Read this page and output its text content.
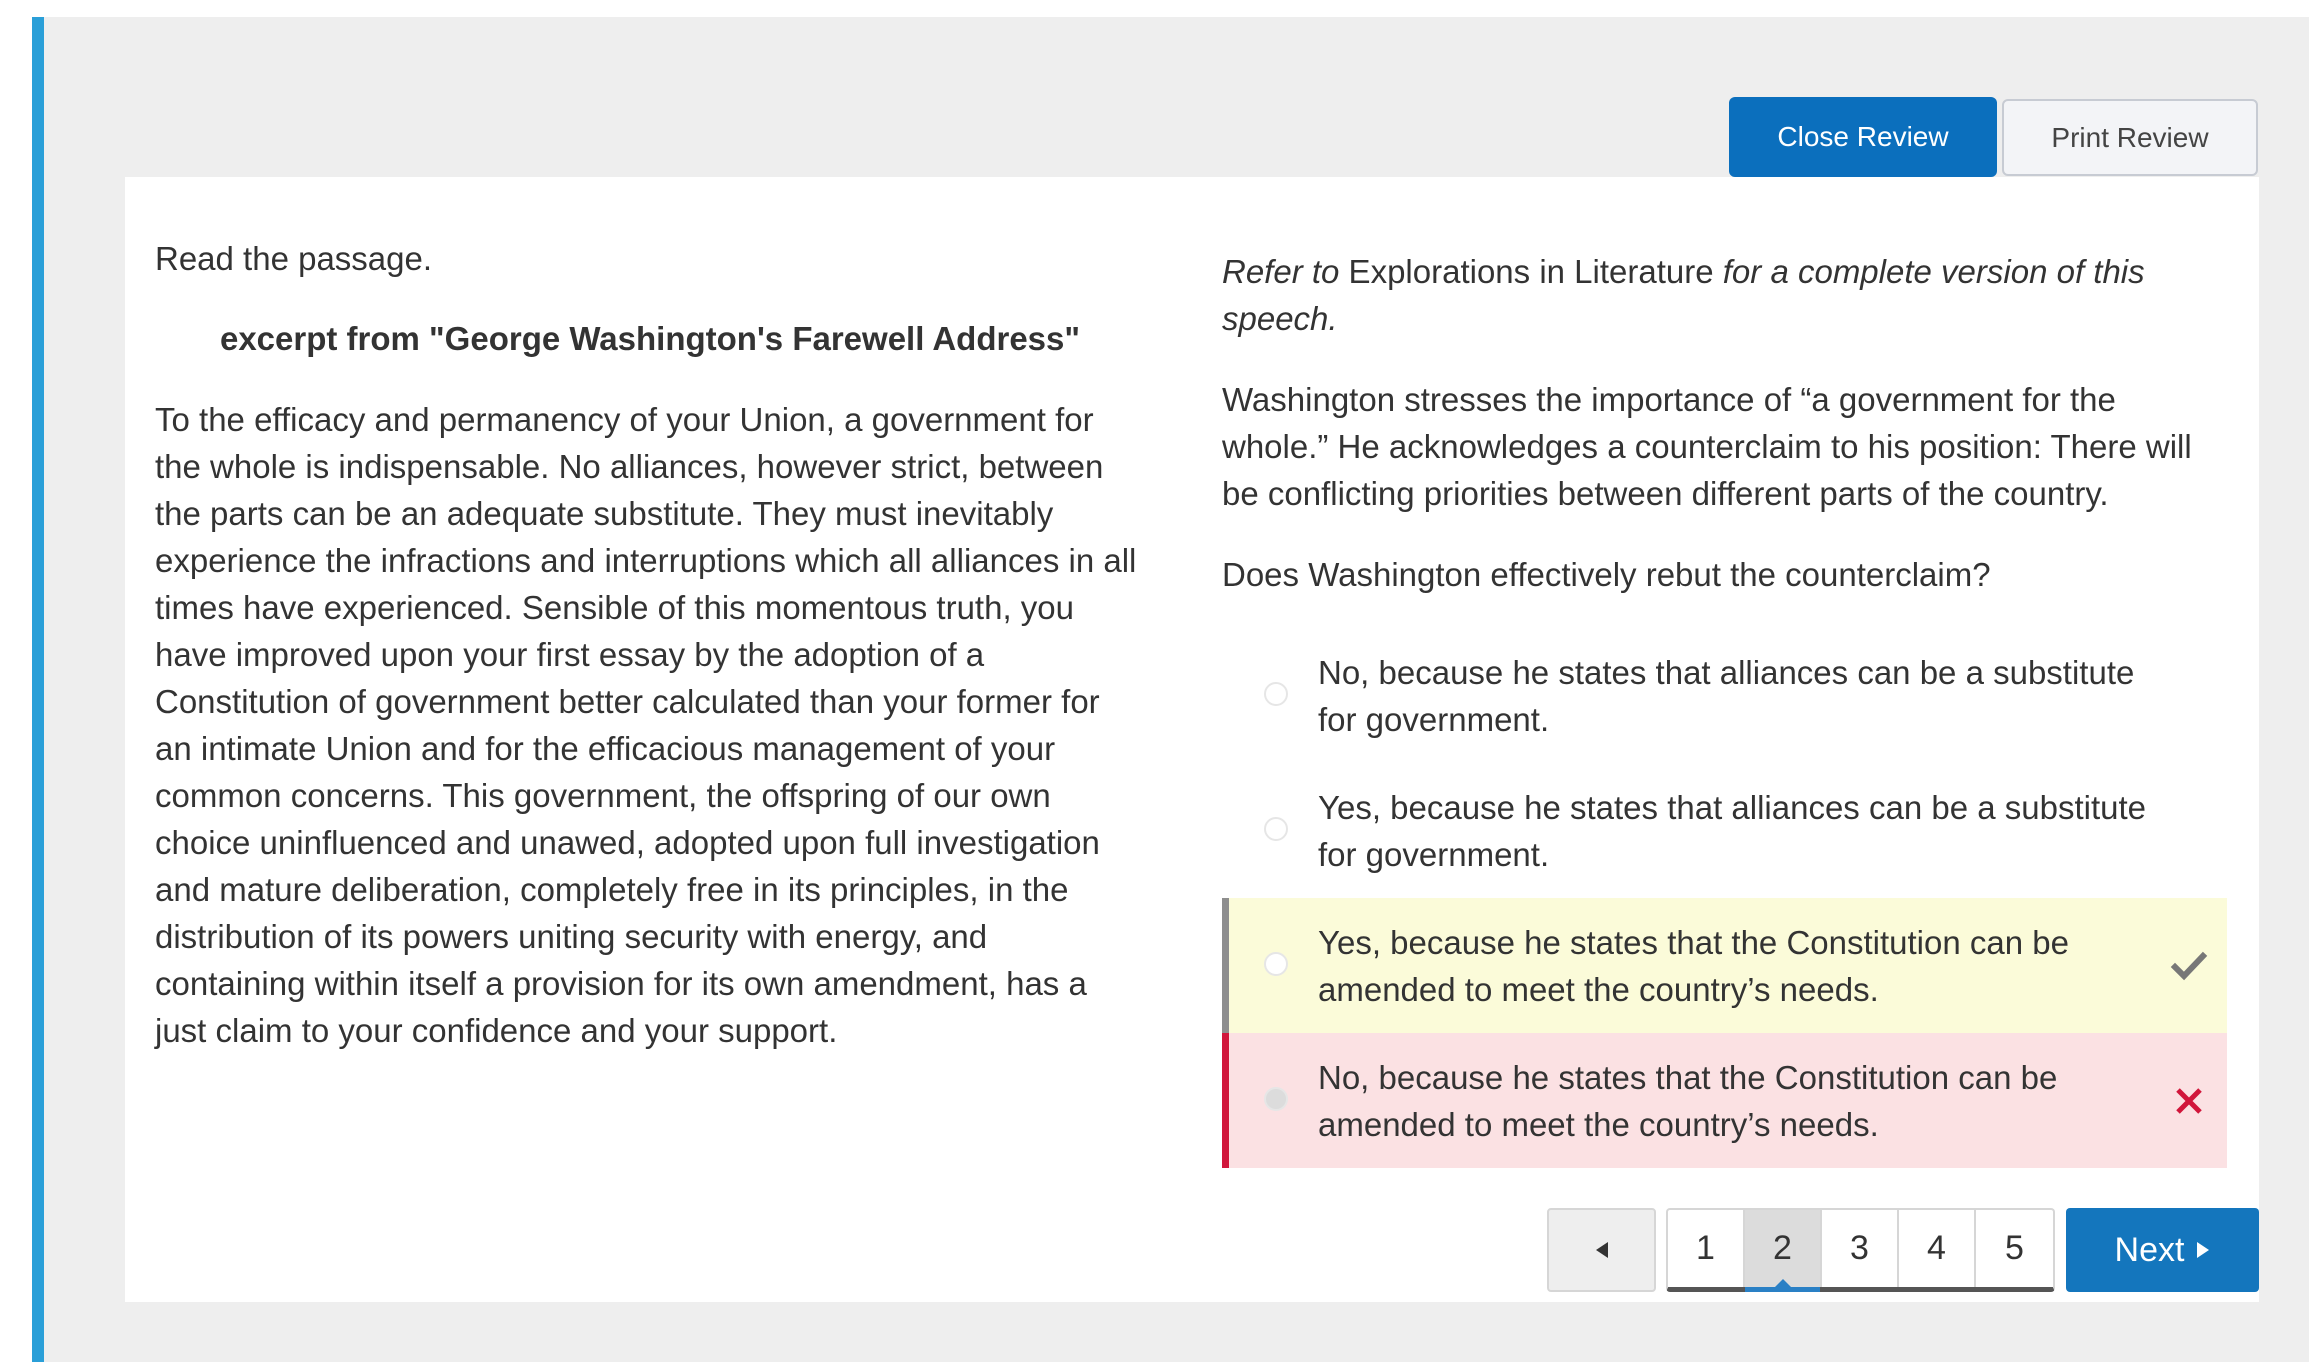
Close Review	Print Review

Read the passage.

excerpt from "George Washington's Farewell Address"

To the efficacy and permanency of your Union, a government for the whole is indispensable. No alliances, however strict, between the parts can be an adequate substitute. They must inevitably experience the infractions and interruptions which all alliances in all times have experienced. Sensible of this momentous truth, you have improved upon your first essay by the adoption of a Constitution of government better calculated than your former for an intimate Union and for the efficacious management of your common concerns. This government, the offspring of our own choice uninfluenced and unawed, adopted upon full investigation and mature deliberation, completely free in its principles, in the distribution of its powers uniting security with energy, and containing within itself a provision for its own amendment, has a just claim to your confidence and your support.

Refer to Explorations in Literature for a complete version of this speech.

Washington stresses the importance of “a government for the whole.” He acknowledges a counterclaim to his position: There will be conflicting priorities between different parts of the country.

Does Washington effectively rebut the counterclaim?

No, because he states that alliances can be a substitute for government.
Yes, because he states that alliances can be a substitute for government.
Yes, because he states that the Constitution can be amended to meet the country’s needs.
No, because he states that the Constitution can be amended to meet the country’s needs.
1	2	3	4	5	Next
